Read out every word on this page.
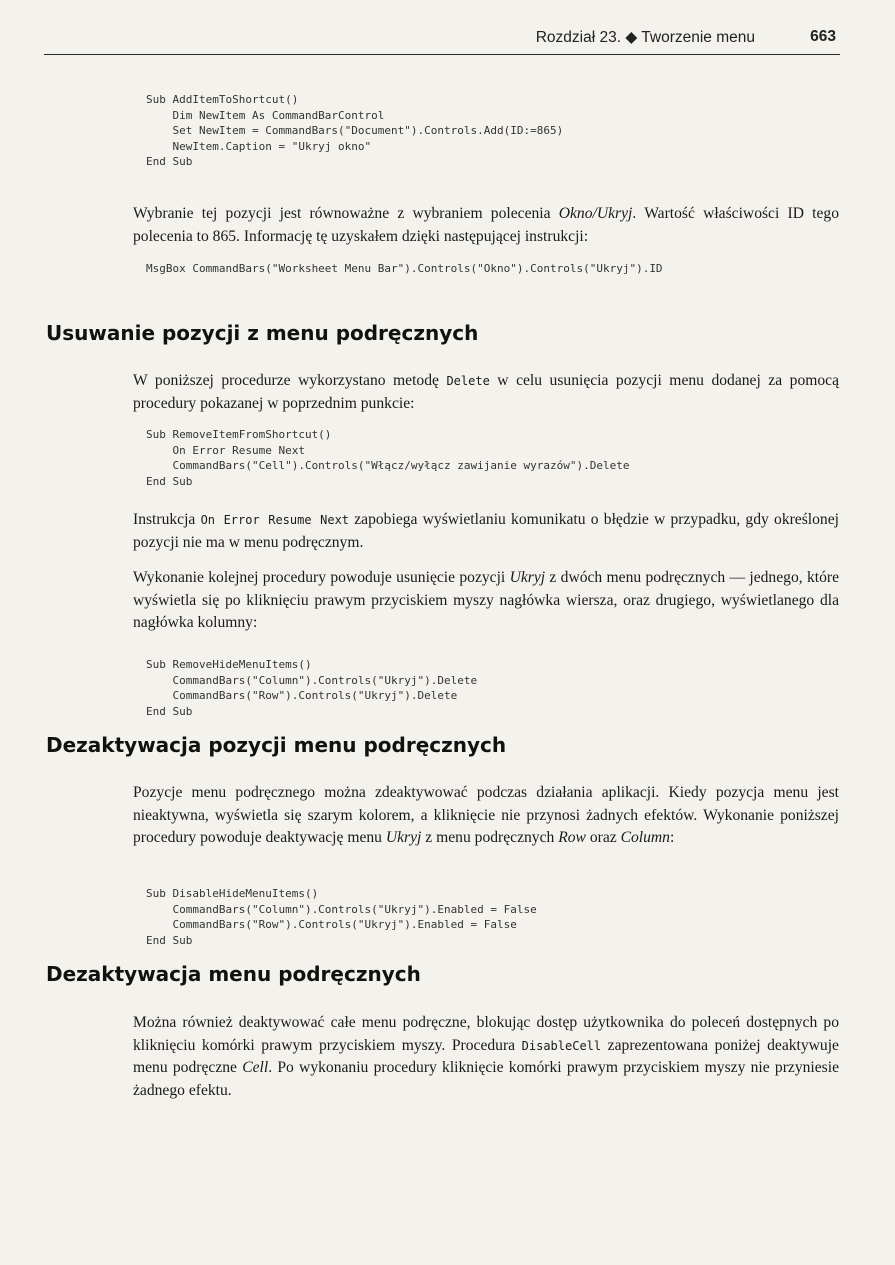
Rozdział 23. ◆ Tworzenie menu	663
Sub AddItemToShortcut()
Dim NewItem As CommandBarControl
Set NewItem = CommandBars("Document").Controls.Add(ID:=865)
NewItem.Caption = "Ukryj okno"
End Sub

Wybranie tej pozycji jest równoważne z wybraniem polecenia Okno/Ukryj. Wartość właściwości ID tego polecenia to 865. Informację tę uzyskałem dzięki następującej instrukcji:

MsgBox CommandBars("Worksheet Menu Bar").Controls("Okno").Controls("Ukryj").ID
Usuwanie pozycji z menu podręcznych

W poniższej procedurze wykorzystano metodę Delete w celu usunięcia pozycji menu dodanej za pomocą procedury pokazanej w poprzednim punkcie:

Sub RemoveItemFromShortcut()
On Error Resume Next
CommandBars("Cell").Controls("Włącz/wyłącz zawijanie wyrazów").Delete
End Sub

Instrukcja On Error Resume Next zapobiega wyświetlaniu komunikatu o błędzie w przypadku, gdy określonej pozycji nie ma w menu podręcznym.

Wykonanie kolejnej procedury powoduje usunięcie pozycji Ukryj z dwóch menu podręcznych — jednego, które wyświetla się po kliknięciu prawym przyciskiem myszy nagłówka wiersza, oraz drugiego, wyświetlanego dla nagłówka kolumny:

Sub RemoveHideMenuItems()
CommandBars("Column").Controls("Ukryj").Delete
CommandBars("Row").Controls("Ukryj").Delete
End Sub
Dezaktywacja pozycji menu podręcznych

Pozycje menu podręcznego można zdeaktywować podczas działania aplikacji. Kiedy pozycja menu jest nieaktywna, wyświetla się szarym kolorem, a kliknięcie nie przynosi żadnych efektów. Wykonanie poniższej procedury powoduje deaktywację menu Ukryj z menu podręcznych Row oraz Column:

Sub DisableHideMenuItems()
CommandBars("Column").Controls("Ukryj").Enabled = False
CommandBars("Row").Controls("Ukryj").Enabled = False
End Sub
Dezaktywacja menu podręcznych

Można również deaktywować całe menu podręczne, blokując dostęp użytkownika do poleceń dostępnych po kliknięciu komórki prawym przyciskiem myszy. Procedura DisableCell zaprezentowana poniżej deaktywuje menu podręczne Cell. Po wykonaniu procedury kliknięcie komórki prawym przyciskiem myszy nie przyniesie żadnego efektu.
